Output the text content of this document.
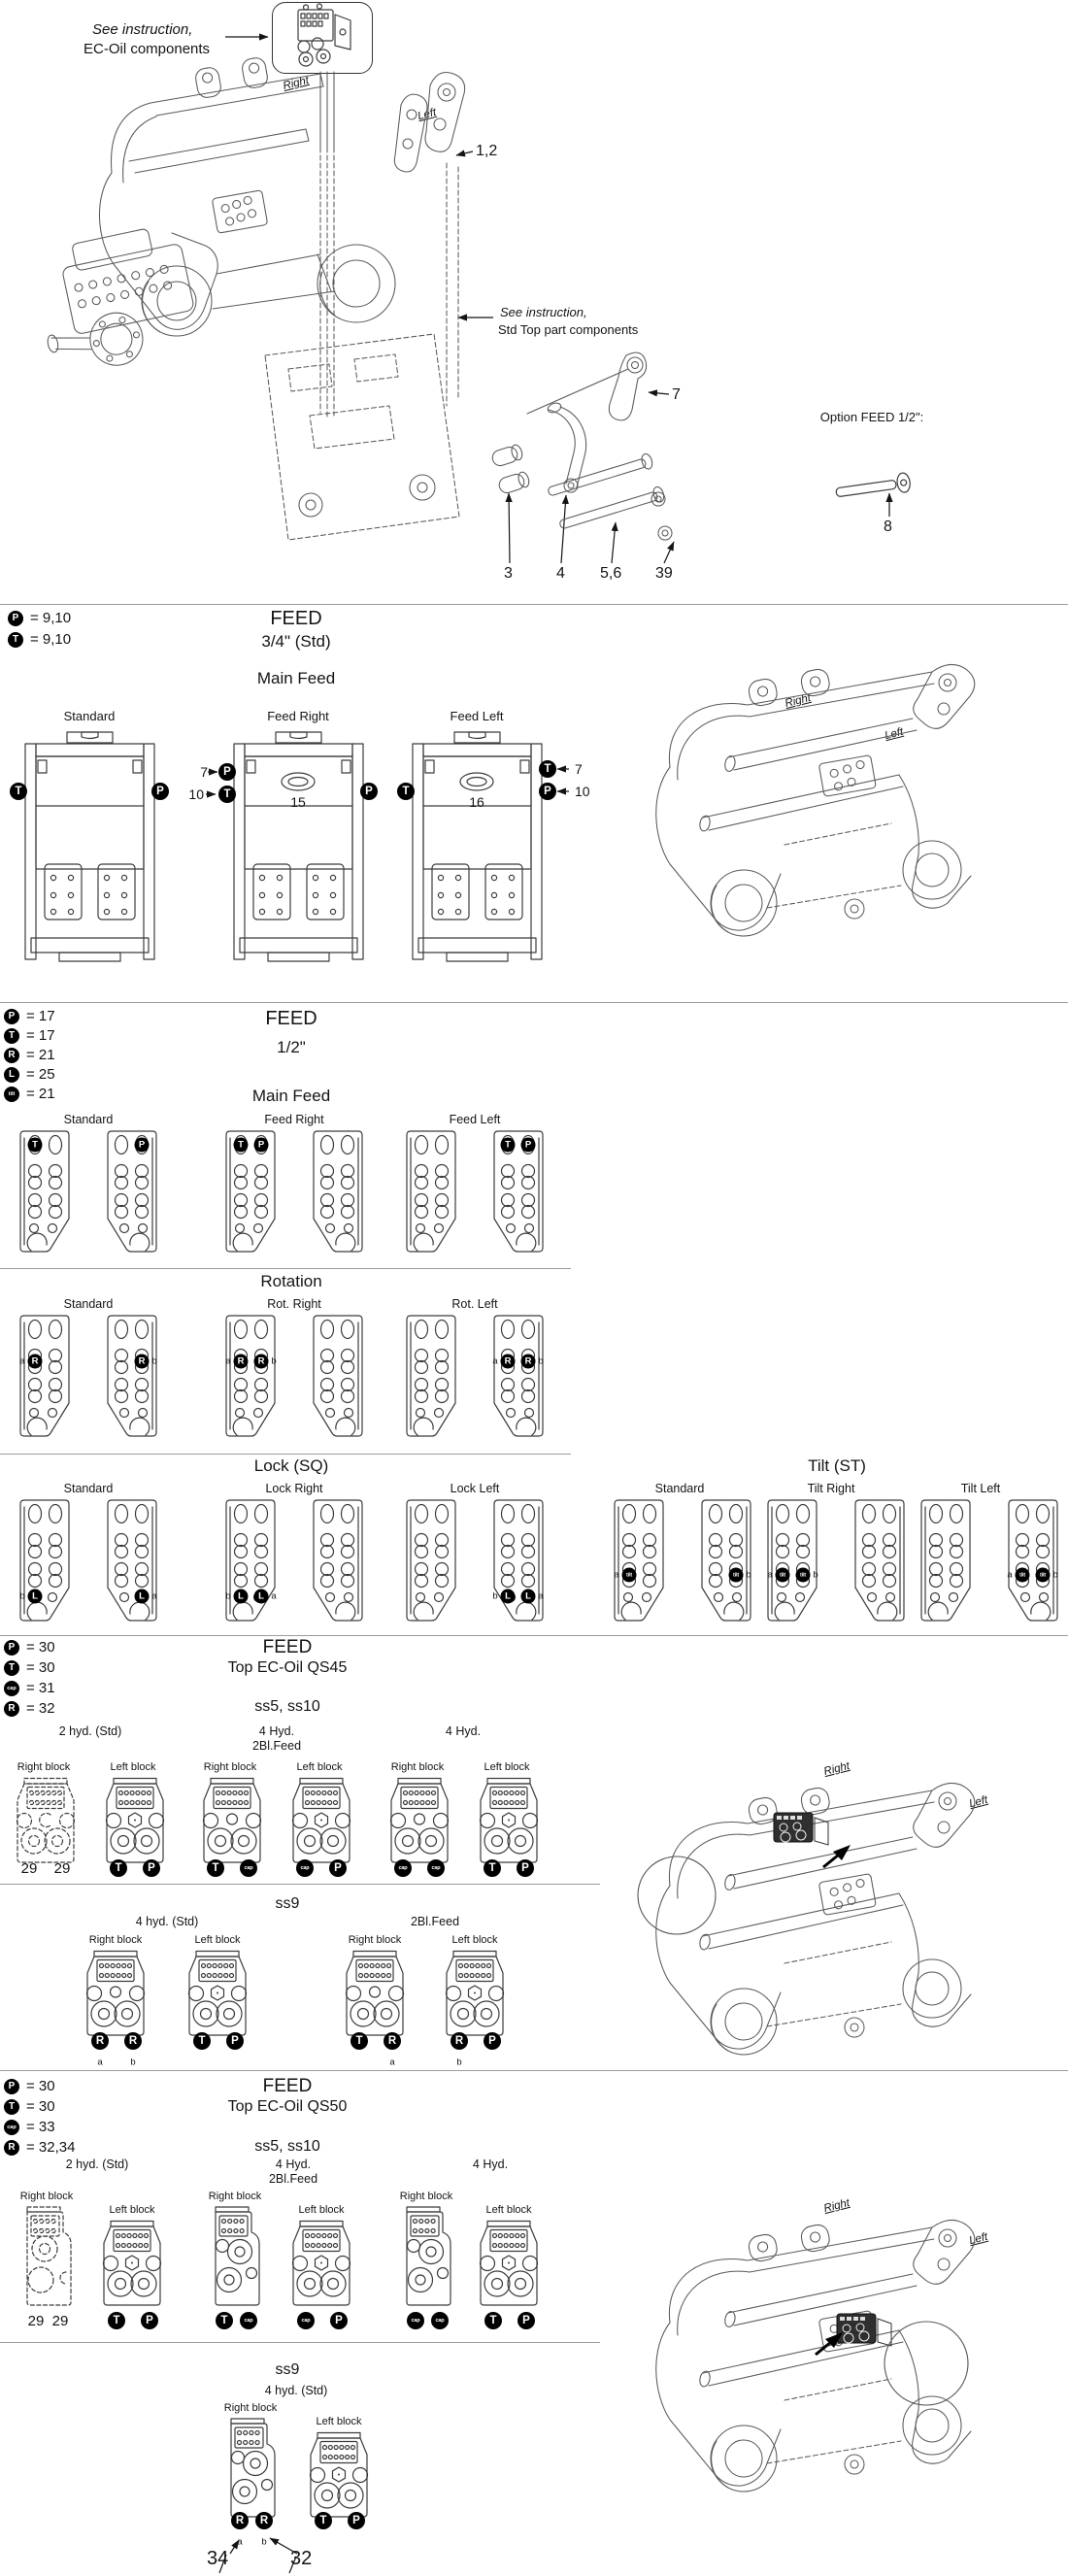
See instruction,
EC-Oil components
See instruction,
Std Top part components
Right
Left
1,2
7
3	4 5,6 39
Option FEED 1/2":
8
FEED
3/4" (Std)
Main Feed
Standard	Feed Right	Feed Left
7
10
7
10
Right
Left
FEED
1/2"
Main Feed
Rotation
Lock (SQ)	Tilt (ST)
FEED
Top EC-Oil QS45
ss5, ss10
ss9
Right
Left
FEED
Top EC-Oil QS50
ss5, ss10
ss9
4 hyd. (Std)
34	32
Right
Left
P = 9,10
T = 9,10
P = 17
T = 17
R = 21
L = 25
tilt = 21
P = 30
T = 30
cap = 31
R = 32
P = 30
T = 30
cap = 33
R = 32,34
Standard
T	P
Feed Right
T	P
Feed Left
T	P
Standard
R
a	R b
Rot. Right
R
a	R b
Rot. Left
R
a	R b
Standard
L
b	L a
Lock Right
L
b	L a
Lock Left
L
b	L a
Standard
tilt
a	tilt b
Tilt Right
tilt
a	tilt b
Tilt Left
tilt
a	tilt b
T	P
15
P
T	P
16
T
T
P
2 hyd. (Std)	4 Hyd.
2Bl.Feed
4 Hyd.
Right block
29 29
Left block
T	P
Right block
T	cap
Left block
cap	P
Right block
cap	cap
Left block
T	P
4 hyd. (Std)	2Bl.Feed
Right block
R
a
R
b
Left block
T	P
Right block
T	R
a
Left block
R
b
P
2 hyd. (Std)	4 Hyd.
2Bl.Feed
4 Hyd.
Right block
29 29
Left block
T	P
Right block
T	cap
Left block
cap	P
Right block
cap	cap
Left block
T	P
Right block
R
a
R
b
Left block
T	P
